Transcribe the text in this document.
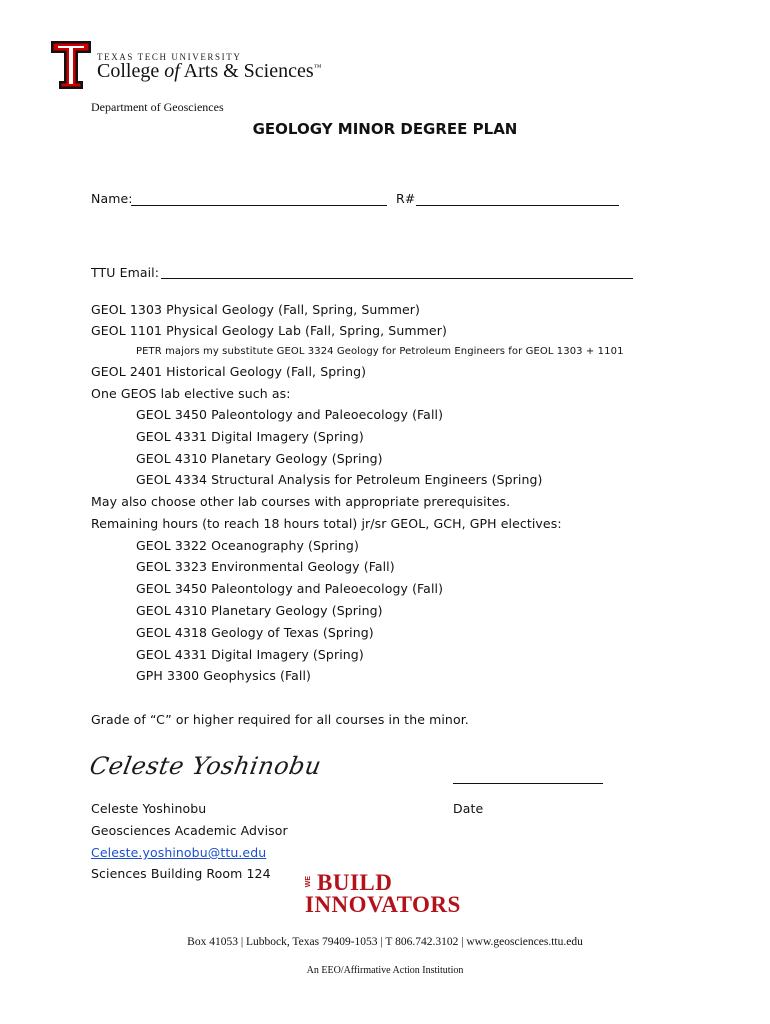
TEXAS TECH UNIVERSITY
College of Arts & Sciences™
Department of Geosciences
GEOLOGY MINOR DEGREE PLAN
Name:	R#
TTU Email:
GEOL 1303 Physical Geology (Fall, Spring, Summer)
GEOL 1101 Physical Geology Lab (Fall, Spring, Summer)
PETR majors my substitute GEOL 3324 Geology for Petroleum Engineers for GEOL 1303 + 1101
GEOL 2401 Historical Geology (Fall, Spring)
One GEOS lab elective such as:
GEOL 3450 Paleontology and Paleoecology (Fall)
GEOL 4331 Digital Imagery (Spring)
GEOL 4310 Planetary Geology (Spring)
GEOL 4334 Structural Analysis for Petroleum Engineers (Spring)
May also choose other lab courses with appropriate prerequisites.
Remaining hours (to reach 18 hours total) jr/sr GEOL, GCH, GPH electives:
GEOL 3322 Oceanography (Spring)
GEOL 3323 Environmental Geology (Fall)
GEOL 3450 Paleontology and Paleoecology (Fall)
GEOL 4310 Planetary Geology (Spring)
GEOL 4318 Geology of Texas (Spring)
GEOL 4331 Digital Imagery (Spring)
GPH 3300 Geophysics (Fall)
Grade of “C” or higher required for all courses in the minor.
Celeste Yoshinobu
Celeste Yoshinobu	Date
Geosciences Academic Advisor
Celeste.yoshinobu@ttu.edu
Sciences Building Room 124
WE BUILD
INNOVATORS
Box 41053 | Lubbock, Texas 79409-1053 | T 806.742.3102 | www.geosciences.ttu.edu
An EEO/Affirmative Action Institution
